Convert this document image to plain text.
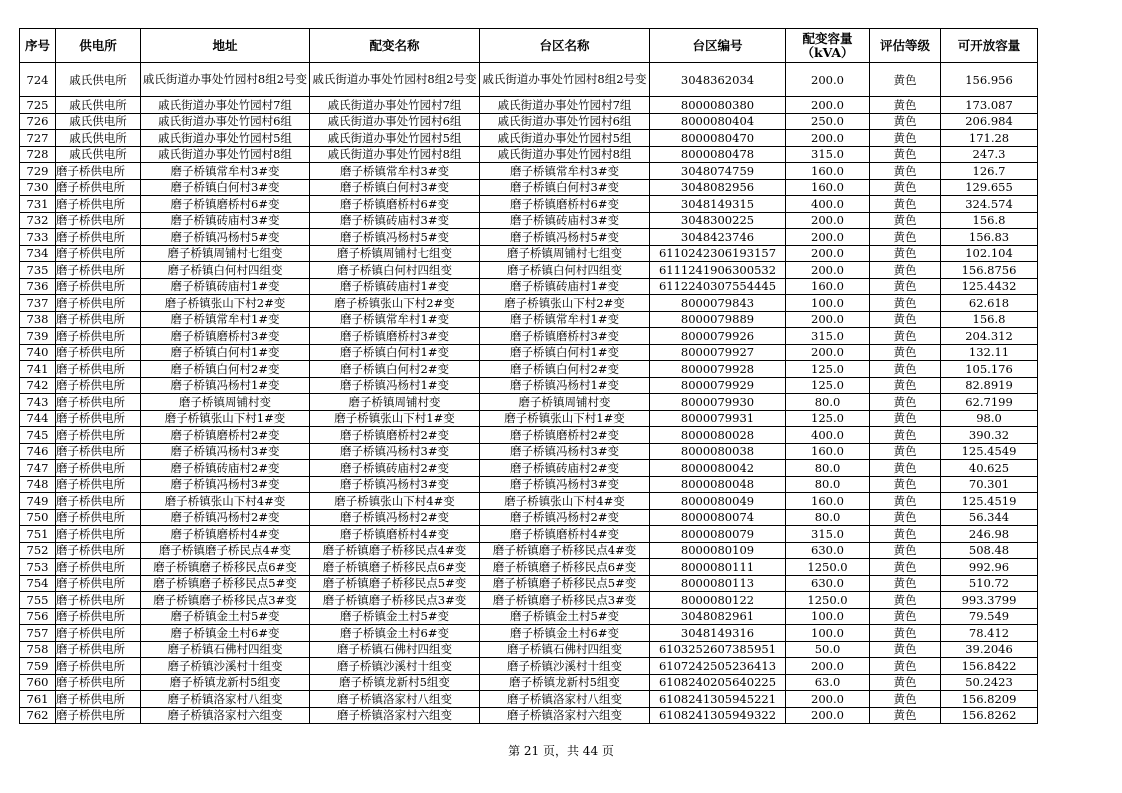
序号	供电所	地址	配变名称	台区名称	台区编号	配变容量（kVA）	评估等级	可开放容量
724	戚氏供电所	戚氏街道办事处竹园村8组2号变	戚氏街道办事处竹园村8组2号变	戚氏街道办事处竹园村8组2号变	3048362034	200.0	黄色	156.956
725	戚氏供电所	戚氏街道办事处竹园村7组	戚氏街道办事处竹园村7组	戚氏街道办事处竹园村7组	8000080380	200.0	黄色	173.087
726	戚氏供电所	戚氏街道办事处竹园村6组	戚氏街道办事处竹园村6组	戚氏街道办事处竹园村6组	8000080404	250.0	黄色	206.984
727	戚氏供电所	戚氏街道办事处竹园村5组	戚氏街道办事处竹园村5组	戚氏街道办事处竹园村5组	8000080470	200.0	黄色	171.28
728	戚氏供电所	戚氏街道办事处竹园村8组	戚氏街道办事处竹园村8组	戚氏街道办事处竹园村8组	8000080478	315.0	黄色	247.3
729	磨子桥供电所	磨子桥镇常牟村3#变	磨子桥镇常牟村3#变	磨子桥镇常牟村3#变	3048074759	160.0	黄色	126.7
730	磨子桥供电所	磨子桥镇白何村3#变	磨子桥镇白何村3#变	磨子桥镇白何村3#变	3048082956	160.0	黄色	129.655
731	磨子桥供电所	磨子桥镇磨桥村6#变	磨子桥镇磨桥村6#变	磨子桥镇磨桥村6#变	3048149315	400.0	黄色	324.574
732	磨子桥供电所	磨子桥镇砖庙村3#变	磨子桥镇砖庙村3#变	磨子桥镇砖庙村3#变	3048300225	200.0	黄色	156.8
733	磨子桥供电所	磨子桥镇冯杨村5#变	磨子桥镇冯杨村5#变	磨子桥镇冯杨村5#变	3048423746	200.0	黄色	156.83
734	磨子桥供电所	磨子桥镇周铺村七组变	磨子桥镇周铺村七组变	磨子桥镇周铺村七组变	6110242306193157	200.0	黄色	102.104
735	磨子桥供电所	磨子桥镇白何村四组变	磨子桥镇白何村四组变	磨子桥镇白何村四组变	6111241906300532	200.0	黄色	156.8756
736	磨子桥供电所	磨子桥镇砖庙村1#变	磨子桥镇砖庙村1#变	磨子桥镇砖庙村1#变	6112240307554445	160.0	黄色	125.4432
737	磨子桥供电所	磨子桥镇张山下村2#变	磨子桥镇张山下村2#变	磨子桥镇张山下村2#变	8000079843	100.0	黄色	62.618
738	磨子桥供电所	磨子桥镇常牟村1#变	磨子桥镇常牟村1#变	磨子桥镇常牟村1#变	8000079889	200.0	黄色	156.8
739	磨子桥供电所	磨子桥镇磨桥村3#变	磨子桥镇磨桥村3#变	磨子桥镇磨桥村3#变	8000079926	315.0	黄色	204.312
740	磨子桥供电所	磨子桥镇白何村1#变	磨子桥镇白何村1#变	磨子桥镇白何村1#变	8000079927	200.0	黄色	132.11
741	磨子桥供电所	磨子桥镇白何村2#变	磨子桥镇白何村2#变	磨子桥镇白何村2#变	8000079928	125.0	黄色	105.176
742	磨子桥供电所	磨子桥镇冯杨村1#变	磨子桥镇冯杨村1#变	磨子桥镇冯杨村1#变	8000079929	125.0	黄色	82.8919
743	磨子桥供电所	磨子桥镇周铺村变	磨子桥镇周铺村变	磨子桥镇周铺村变	8000079930	80.0	黄色	62.7199
744	磨子桥供电所	磨子桥镇张山下村1#变	磨子桥镇张山下村1#变	磨子桥镇张山下村1#变	8000079931	125.0	黄色	98.0
745	磨子桥供电所	磨子桥镇磨桥村2#变	磨子桥镇磨桥村2#变	磨子桥镇磨桥村2#变	8000080028	400.0	黄色	390.32
746	磨子桥供电所	磨子桥镇冯杨村3#变	磨子桥镇冯杨村3#变	磨子桥镇冯杨村3#变	8000080038	160.0	黄色	125.4549
747	磨子桥供电所	磨子桥镇砖庙村2#变	磨子桥镇砖庙村2#变	磨子桥镇砖庙村2#变	8000080042	80.0	黄色	40.625
748	磨子桥供电所	磨子桥镇冯杨村3#变	磨子桥镇冯杨村3#变	磨子桥镇冯杨村3#变	8000080048	80.0	黄色	70.301
749	磨子桥供电所	磨子桥镇张山下村4#变	磨子桥镇张山下村4#变	磨子桥镇张山下村4#变	8000080049	160.0	黄色	125.4519
750	磨子桥供电所	磨子桥镇冯杨村2#变	磨子桥镇冯杨村2#变	磨子桥镇冯杨村2#变	8000080074	80.0	黄色	56.344
751	磨子桥供电所	磨子桥镇磨桥村4#变	磨子桥镇磨桥村4#变	磨子桥镇磨桥村4#变	8000080079	315.0	黄色	246.98
752	磨子桥供电所	磨子桥镇磨子桥民点4#变	磨子桥镇磨子桥移民点4#变	磨子桥镇磨子桥移民点4#变	8000080109	630.0	黄色	508.48
753	磨子桥供电所	磨子桥镇磨子桥移民点6#变	磨子桥镇磨子桥移民点6#变	磨子桥镇磨子桥移民点6#变	8000080111	1250.0	黄色	992.96
754	磨子桥供电所	磨子桥镇磨子桥移民点5#变	磨子桥镇磨子桥移民点5#变	磨子桥镇磨子桥移民点5#变	8000080113	630.0	黄色	510.72
755	磨子桥供电所	磨子桥镇磨子桥移民点3#变	磨子桥镇磨子桥移民点3#变	磨子桥镇磨子桥移民点3#变	8000080122	1250.0	黄色	993.3799
756	磨子桥供电所	磨子桥镇金土村5#变	磨子桥镇金土村5#变	磨子桥镇金土村5#变	3048082961	100.0	黄色	79.549
757	磨子桥供电所	磨子桥镇金土村6#变	磨子桥镇金土村6#变	磨子桥镇金土村6#变	3048149316	100.0	黄色	78.412
758	磨子桥供电所	磨子桥镇石佛村四组变	磨子桥镇石佛村四组变	磨子桥镇石佛村四组变	6103252607385951	50.0	黄色	39.2046
759	磨子桥供电所	磨子桥镇沙溪村十组变	磨子桥镇沙溪村十组变	磨子桥镇沙溪村十组变	6107242505236413	200.0	黄色	156.8422
760	磨子桥供电所	磨子桥镇龙新村5组变	磨子桥镇龙新村5组变	磨子桥镇龙新村5组变	6108240205640225	63.0	黄色	50.2423
761	磨子桥供电所	磨子桥镇洛家村八组变	磨子桥镇洛家村八组变	磨子桥镇洛家村八组变	6108241305945221	200.0	黄色	156.8209
762	磨子桥供电所	磨子桥镇洛家村六组变	磨子桥镇洛家村六组变	磨子桥镇洛家村六组变	6108241305949322	200.0	黄色	156.8262
第 21 页，共 44 页
